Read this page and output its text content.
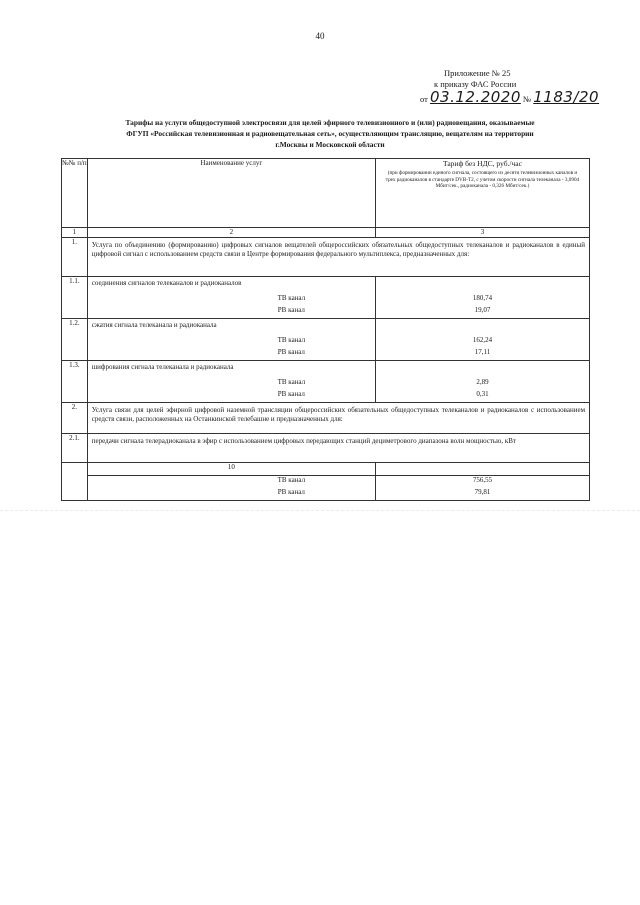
40
Приложение № 25
к приказу ФАС России
от 03.12.2020 № 1183/20
Тарифы на услуги общедоступной электросвязи для целей эфирного телевизионного и (или) радиовещания, оказываемые
ФГУП «Российская телевизионная и радиовещательная сеть», осуществляющим трансляцию, вещателям на территории
г.Москвы и Московской области
№№ п/п	Наименование услуг	Тариф без НДС, руб./час
(при формировании единого сигнала, состоящего из десяти телевизионных каналов и трех радиоканалов в стандарте DVB-T2, с учетом скорости сигнала телеканала - 3,0904 Мбит/сек., радиоканала - 0,326 Мбит/сек.)

1	2	3
1.	Услуга по объединению (формированию) цифровых сигналов вещателей общероссийских обязательных общедоступных телеканалов и радиоканалов в единый цифровой сигнал с использованием средств связи в Центре формирования федерального мультиплекса, предназначенных для:	
1.1.	соединения сигналов телеканалов и радиоканалов	
	ТВ канал	180,74
	РВ канал	19,07
1.2.	сжатия сигнала телеканала и радиоканала	
	ТВ канал	162,24
	РВ канал	17,11
1.3.	шифрования сигнала телеканала и радиоканала	
	ТВ канал	2,89
	РВ канал	0,31
2.	Услуга связи для целей эфирной цифровой наземной трансляции общероссийских обязательных общедоступных телеканалов и радиоканалов с использованием средств связи, расположенных на Останкинской телебашне и предназначенных для:	
2.1.	передачи сигнала телерадиоканала в эфир с использованием цифровых передающих станций дециметрового диапазона волн мощностью, кВт	
	10	
	ТВ канал	756,55
	РВ канал	79,81
